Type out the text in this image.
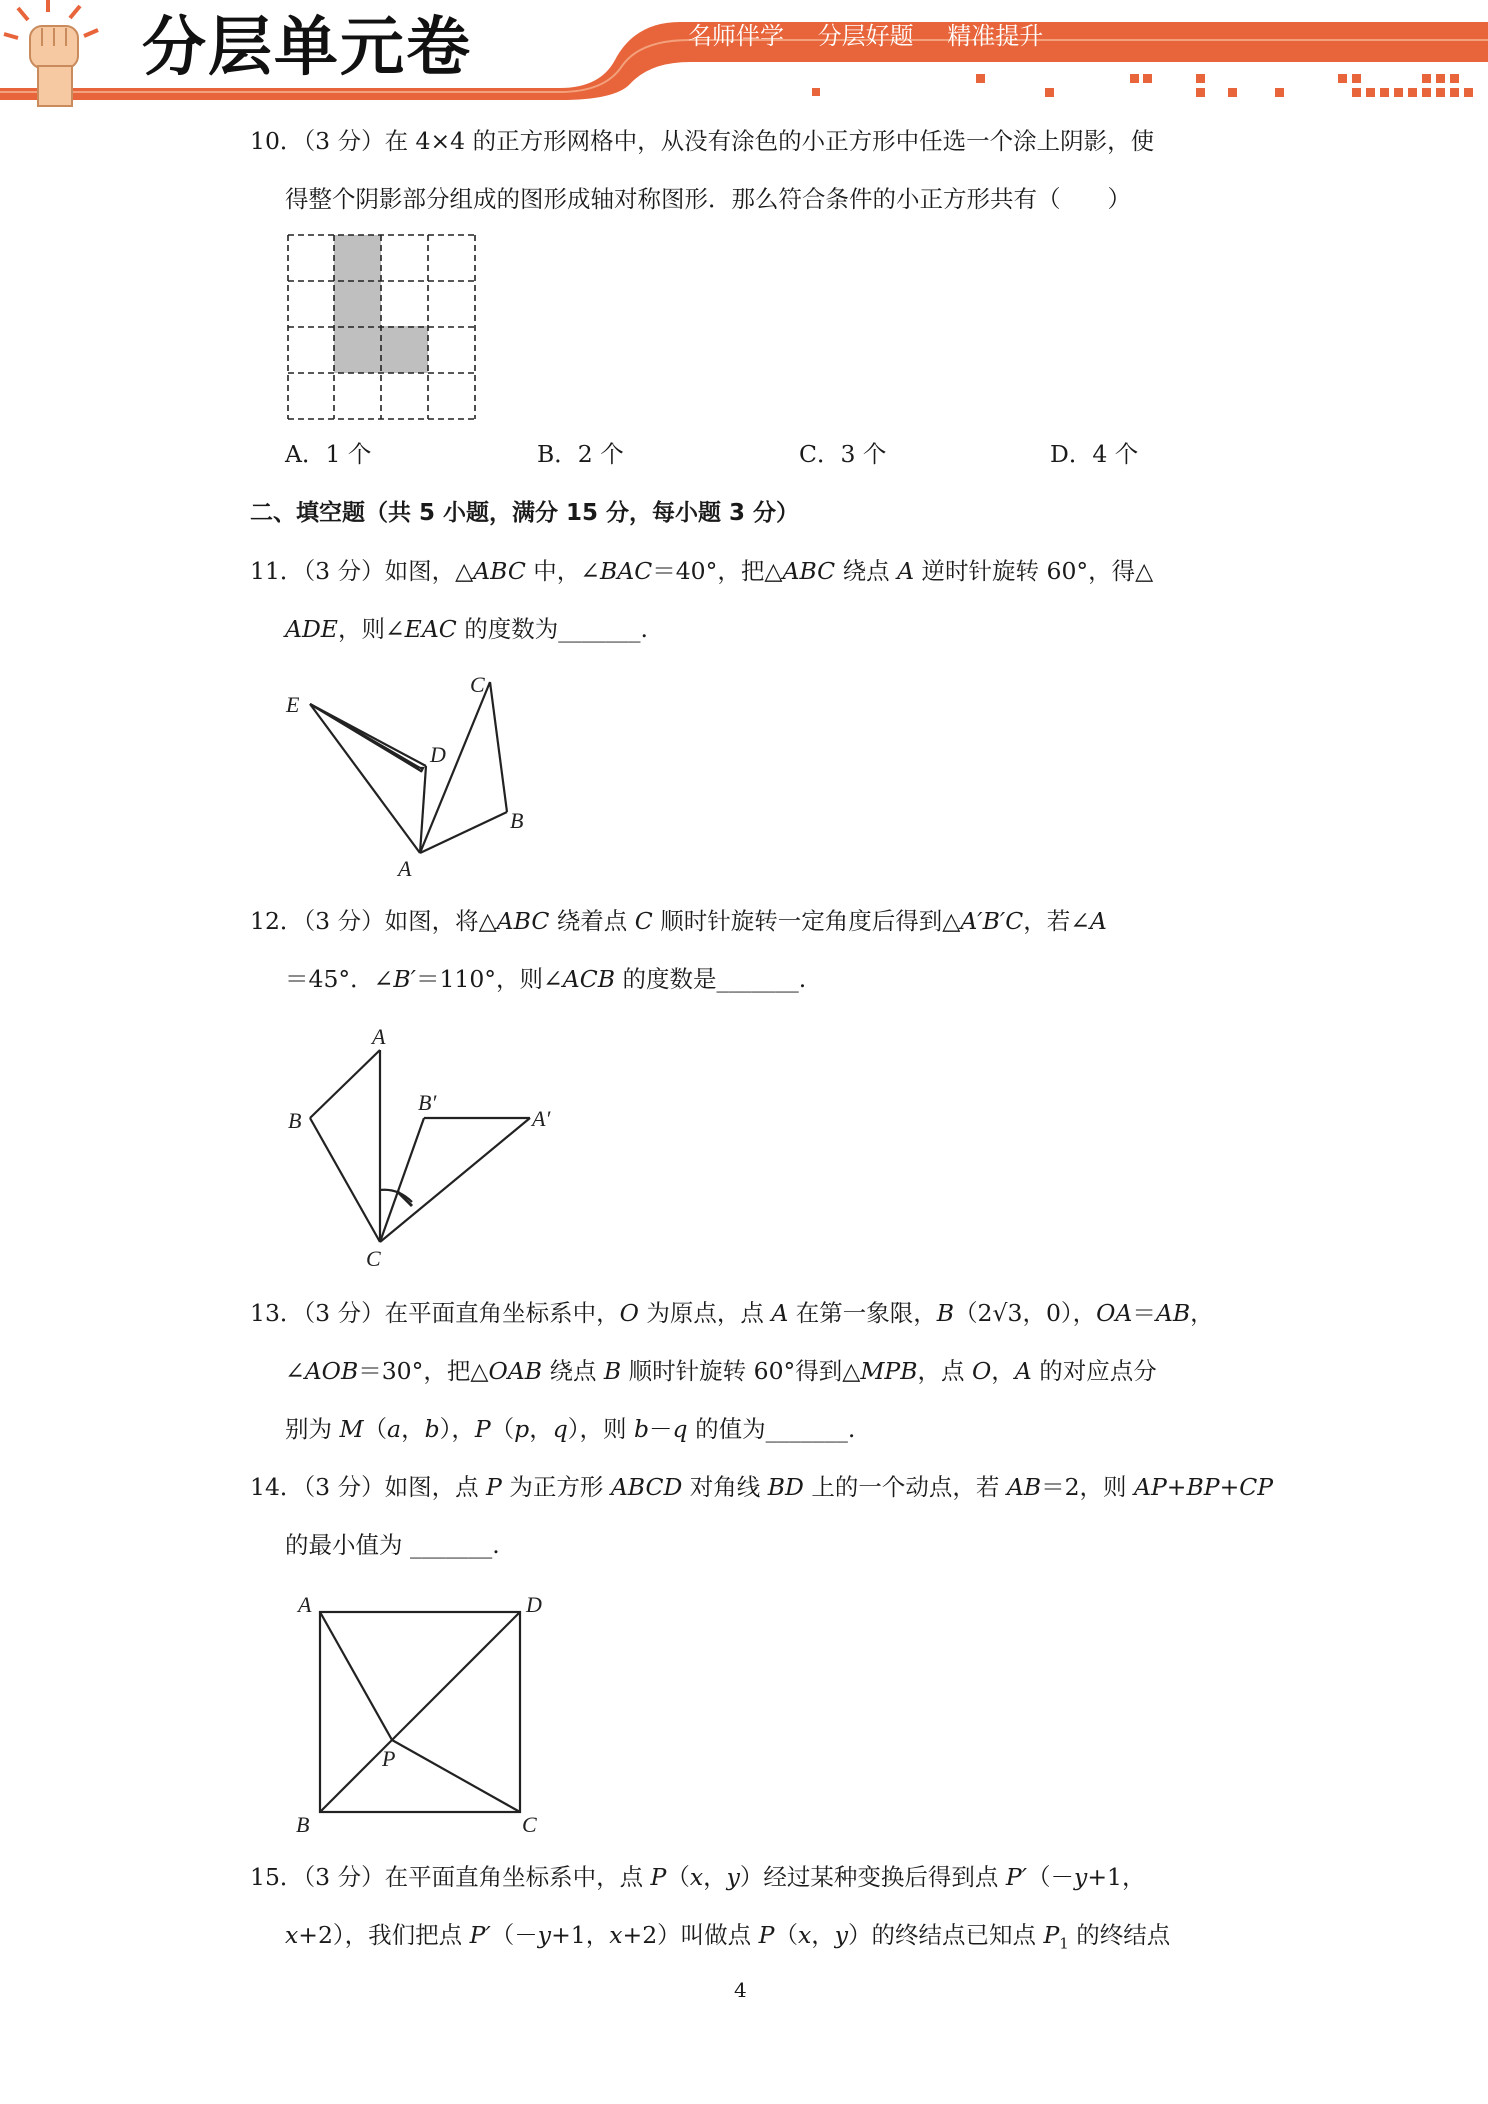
分层单元卷	名师伴学 分层好题 精准提升
10．（3 分）在 4×4 的正方形网格中，从没有涂色的小正方形中任选一个涂上阴影，使
得整个阴影部分组成的图形成轴对称图形．那么符合条件的小正方形共有（　　）
A．1 个	B．2 个	C．3 个	D．4 个
二、填空题（共 5 小题，满分 15 分，每小题 3 分）
11．（3 分）如图，△ABC 中，∠BAC＝40°，把△ABC 绕点 A 逆时针旋转 60°，得△
ADE，则∠EAC 的度数为_______.
E
C
D
B
A
12．（3 分）如图，将△ABC 绕着点 C 顺时针旋转一定角度后得到△A′B′C，若∠A
＝45°．∠B′＝110°，则∠ACB 的度数是_______.
A
B
B′
A′
C
13．（3 分）在平面直角坐标系中，O 为原点，点 A 在第一象限，B（2√3，0），OA＝AB，
∠AOB＝30°，把△OAB 绕点 B 顺时针旋转 60°得到△MPB，点 O，A 的对应点分
别为 M（a，b），P（p，q），则 b－q 的值为_______.
14．（3 分）如图，点 P 为正方形 ABCD 对角线 BD 上的一个动点，若 AB＝2，则 AP+BP+CP
的最小值为 _______.
A	D
P
B	C
15．（3 分）在平面直角坐标系中，点 P（x，y）经过某种变换后得到点 P′（－y+1，
x+2），我们把点 P′（－y+1，x+2）叫做点 P（x，y）的终结点已知点 $P_1$ 的终结点
4
